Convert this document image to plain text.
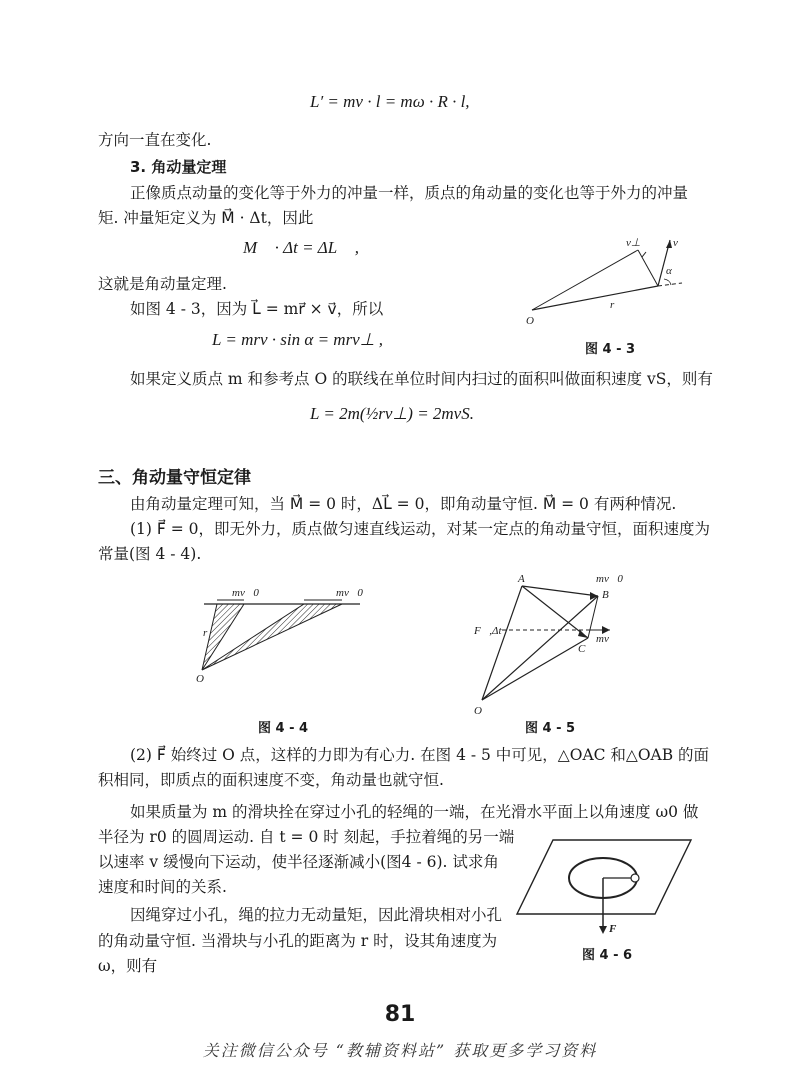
L′ = mv · l = mω · R · l,
方向一直在变化.
3. 角动量定理
正像质点动量的变化等于外力的冲量一样，质点的角动量的变化也等于外力的冲量
矩. 冲量矩定义为 M⃗ · Δt，因此
M⃗ · Δt = ΔL⃗ ,
这就是角动量定理.
如图 4 - 3，因为 L⃗ = mr⃗ × v⃗，所以
L = mrv · sin α = mrv⊥ ,
O
v
v⊥
α
r
图 4 - 3
如果定义质点 m 和参考点 O 的联线在单位时间内扫过的面积叫做面积速度 vS，则有
L = 2m(½rv⊥) = 2mvS.
三、角动量守恒定律
由角动量定理可知，当 M⃗ = 0 时，ΔL⃗ = 0，即角动量守恒. M⃗ = 0 有两种情况.
(1) F⃗ = 0，即无外力，质点做匀速直线运动，对某一定点的角动量守恒，面积速度为
常量(图 4 - 4).
mv⃗0	mv⃗0
r
O
图 4 - 4
A
B
C
mv⃗0
F⃗,Δt
mv⃗
O
图 4 - 5
(2) F⃗ 始终过 O 点，这样的力即为有心力. 在图 4 - 5 中可见，△OAC 和△OAB 的面
积相同，即质点的面积速度不变，角动量也就守恒.
如果质量为 m 的滑块拴在穿过小孔的轻绳的一端，在光滑水平面上以角速度 ω0 做
半径为 r0 的圆周运动. 自 t = 0 时 刻起，手拉着绳的另一端
以速率 v 缓慢向下运动，使半径逐渐减小(图4 - 6). 试求角
速度和时间的关系.
因绳穿过小孔，绳的拉力无动量矩，因此滑块相对小孔
的角动量守恒. 当滑块与小孔的距离为 r 时，设其角速度为
ω，则有
F
图 4 - 6
81
关注微信公众号 “教辅资料站” 获取更多学习资料
